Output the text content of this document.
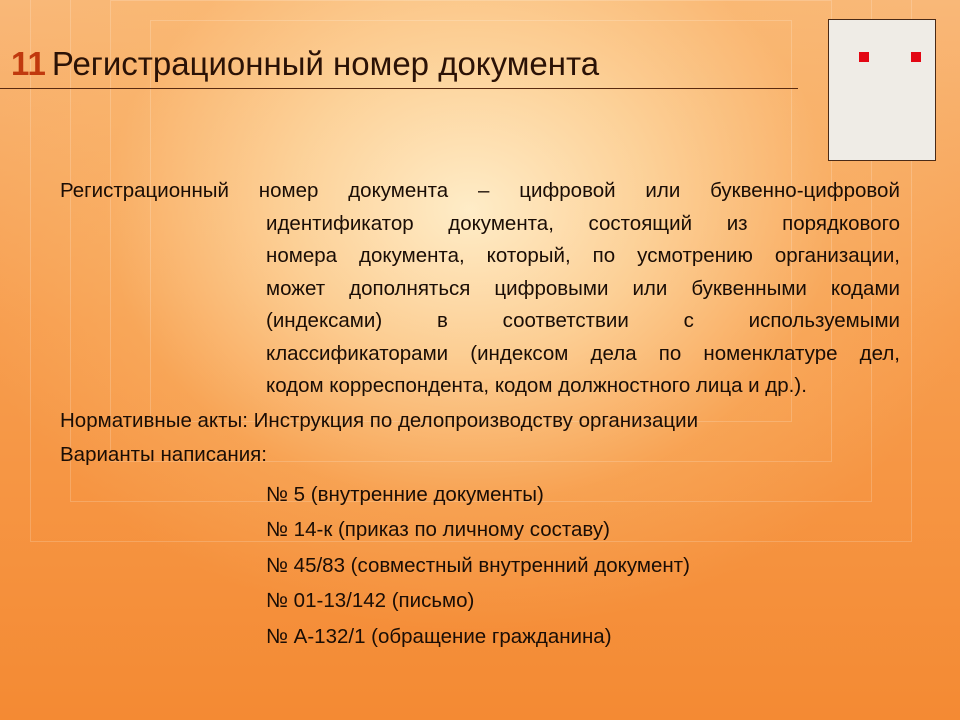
11 Регистрационный номер документа
Регистрационный номер документа – цифровой или буквенно-цифровой
идентификатор документа, состоящий из порядкового
номера документа, который, по усмотрению организации,
может дополняться цифровыми или буквенными кодами
(индексами) в соответствии с используемыми
классификаторами (индексом дела по номенклатуре дел,
кодом корреспондента, кодом должностного лица и др.).
Нормативные акты:
Инструкция по делопроизводству организации
Варианты написания:
№ 5 (внутренние документы)
№ 14-к (приказ по личному составу)
№ 45/83 (совместный внутренний документ)
№ 01-13/142 (письмо)
№ А-132/1 (обращение гражданина)
